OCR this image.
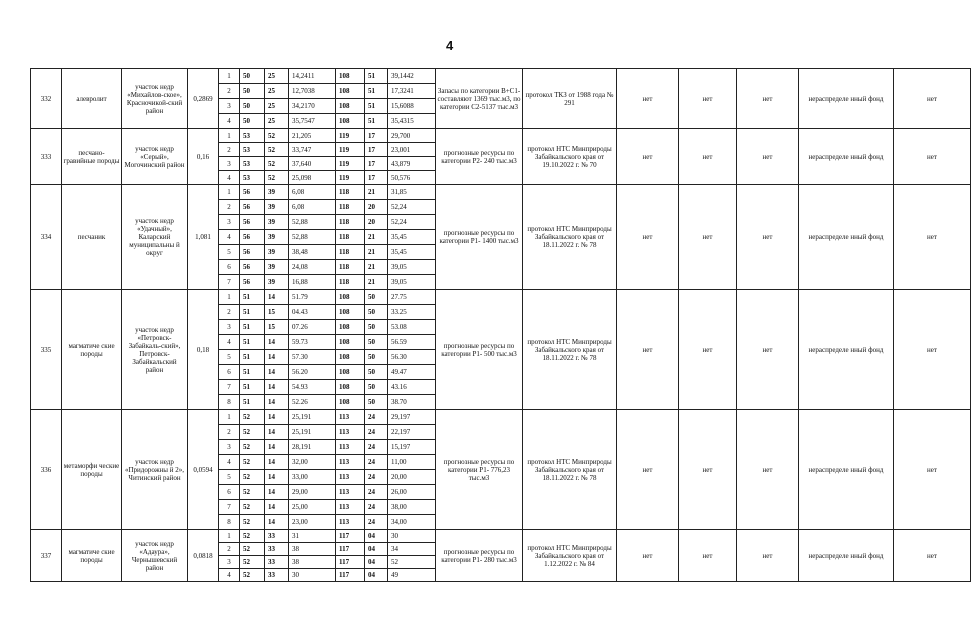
4
332	алевролит	участок недр «Михайлов-ское», Красночикой-ский район	0,2869	1	50	25	14,2411	108	51	39,1442	Запасы по категории В+С1- составляют 1369 тыс.м3, по категории С2-5137 тыс.м3	протокол ТКЗ от 1988 года № 291	нет	нет	нет	нераспределе нный фонд	нет
				2	50	25	12,7038	108	51	17,3241							
				3	50	25	34,2170	108	51	15,6088							
				4	50	25	35,7547	108	51	35,4315							
333	песчано-гравийные породы	участок недр «Серый», Могочинский район	0,16	1	53	52	21,205	119	17	29,700	прогнозные ресурсы по категории Р2- 240 тыс.м3	протокол НТС Минприроды Забайкальского края от 19.10.2022 г. № 70	нет	нет	нет	нераспределе нный фонд	нет
				2	53	52	33,747	119	17	23,001							
				3	53	52	37,640	119	17	43,879							
				4	53	52	25,098	119	17	50,576							
334	песчаник	участок недр «Удачный», Каларский муниципальны й округ	1,081	1	56	39	6,08	118	21	31,85	прогнозные ресурсы по категории Р1- 1400 тыс.м3	протокол НТС Минприроды Забайкальского края от 18.11.2022 г. № 78	нет	нет	нет	нераспределе нный фонд	нет
				2	56	39	6,08	118	20	52,24							
				3	56	39	52,88	118	20	52,24							
				4	56	39	52,88	118	21	35,45							
				5	56	39	38,48	118	21	35,45							
				6	56	39	24,08	118	21	39,05							
				7	56	39	16,88	118	21	39,05							
335	магматиче ские породы	участок недр «Петровск-Забайкаль-ский», Петровск-Забайкальский район	0,18	1	51	14	51.79	108	50	27.75	прогнозные ресурсы по категории Р1- 500 тыс.м3	протокол НТС Минприроды Забайкальского края от 18.11.2022 г. № 78	нет	нет	нет	нераспределе нный фонд	нет
				2	51	15	04.43	108	50	33.25							
				3	51	15	07.26	108	50	53.08							
				4	51	14	59.73	108	50	56.59							
				5	51	14	57.30	108	50	56.30							
				6	51	14	56.20	108	50	49.47							
				7	51	14	54.93	108	50	43.16							
				8	51	14	52.26	108	50	38.70							
336	метаморфи ческие породы	участок недр «Придорожны й 2», Читинский район	0,0594	1	52	14	25,191	113	24	29,197	прогнозные ресурсы по категории Р1- 776,23 тыс.м3	протокол НТС Минприроды Забайкальского края от 18.11.2022 г. № 78	нет	нет	нет	нераспределе нный фонд	нет
				2	52	14	25,191	113	24	22,197							
				3	52	14	28,191	113	24	15,197							
				4	52	14	32,00	113	24	11,00							
				5	52	14	33,00	113	24	20,00							
				6	52	14	29,00	113	24	26,00							
				7	52	14	25,00	113	24	38,00							
				8	52	14	23,00	113	24	34,00							
337	магматиче ские породы	участок недр «Адаура», Чернышевский район	0,0818	1	52	33	31	117	04	30	прогнозные ресурсы по категории Р1- 280 тыс.м3	протокол НТС Минприроды Забайкальского края от 1.12.2022 г. № 84	нет	нет	нет	нераспределе нный фонд	нет
				2	52	33	38	117	04	34							
				3	52	33	38	117	04	52							
				4	52	33	30	117	04	49							
